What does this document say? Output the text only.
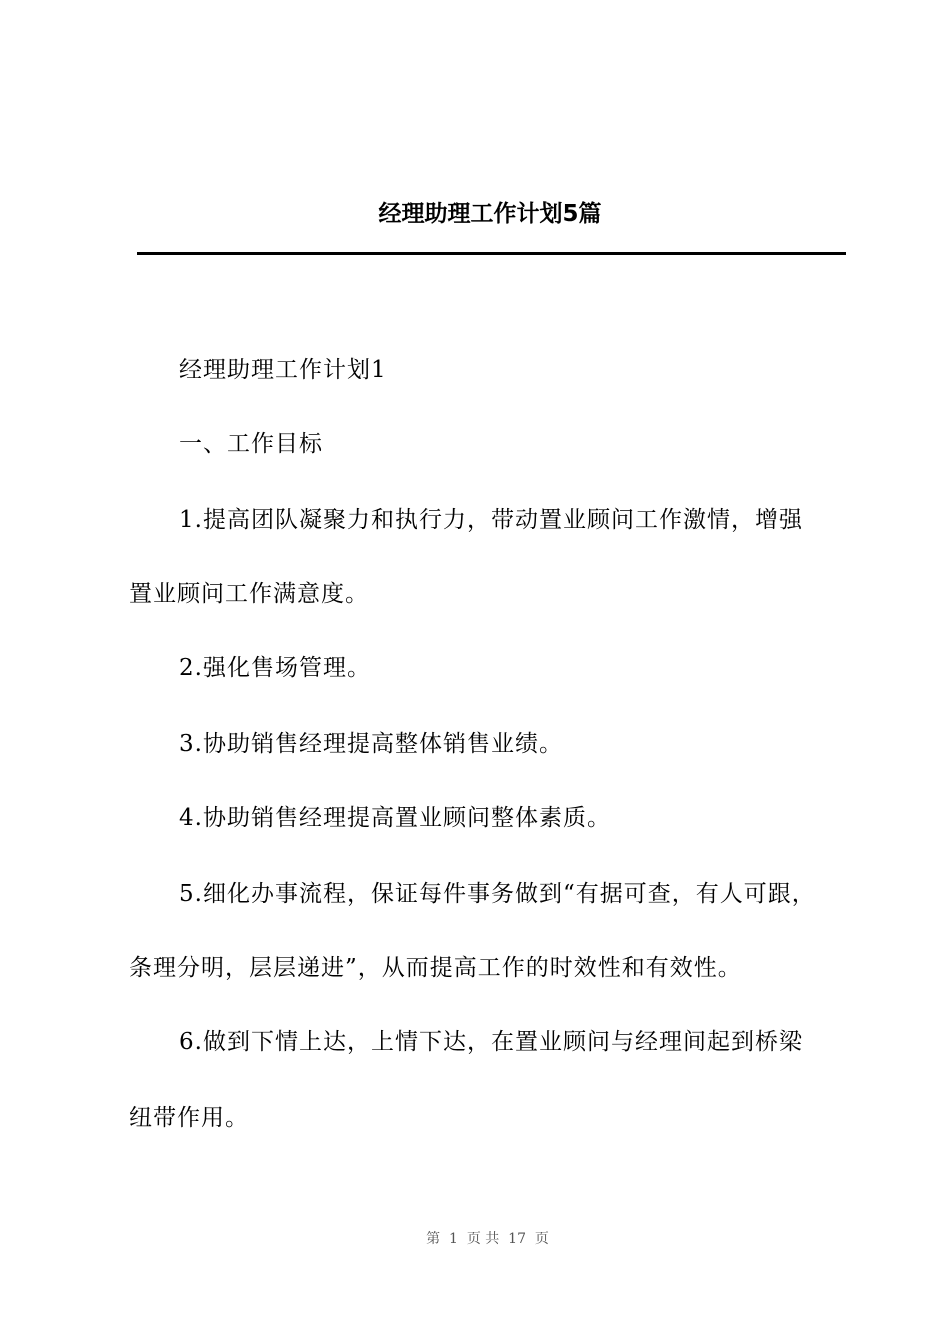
经理助理工作计划5篇

经理助理工作计划1

一、工作目标

1.提高团队凝聚力和执行力，带动置业顾问工作激情，增强

置业顾问工作满意度。

2.强化售场管理。

3.协助销售经理提高整体销售业绩。

4.协助销售经理提高置业顾问整体素质。

5.细化办事流程，保证每件事务做到“有据可查，有人可跟，

条理分明，层层递进”，从而提高工作的时效性和有效性。

6.做到下情上达，上情下达，在置业顾问与经理间起到桥梁

纽带作用。

第  1  页 共  17  页
